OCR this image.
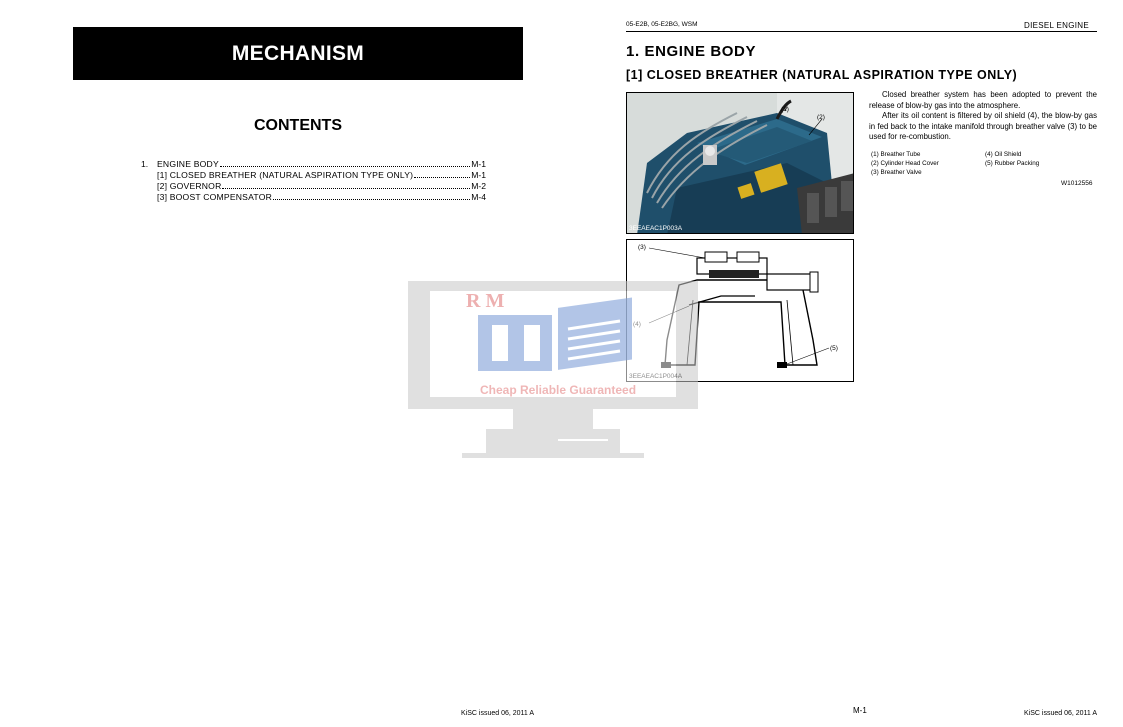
MECHANISM
CONTENTS
1.	ENGINE BODY	M-1
[1] CLOSED BREATHER (NATURAL ASPIRATION TYPE ONLY)	M-1
[2] GOVERNOR	M-2
[3] BOOST COMPENSATOR	M-4
KiSC issued 06, 2011 A
05-E2B, 05-E2BG, WSM	DIESEL ENGINE
1. ENGINE BODY
[1] CLOSED BREATHER (NATURAL ASPIRATION TYPE ONLY)
(1)
(2)
3EEAEAC1P003A
(3)
(5)

Closed breather system has been adopted to prevent the release of blow-by gas into the atmosphere.

After its oil content is filtered by oil shield (4), the blow-by gas in fed back to the intake manifold through breather valve (3) to be used for re-combustion.

(1) Breather Tube	(4) Oil Shield
(2) Cylinder Head Cover	(5) Rubber Packing
(3) Breather Valve
W1012556
M-1	KiSC issued 06, 2011 A
R M
Cheap Reliable Guaranteed
